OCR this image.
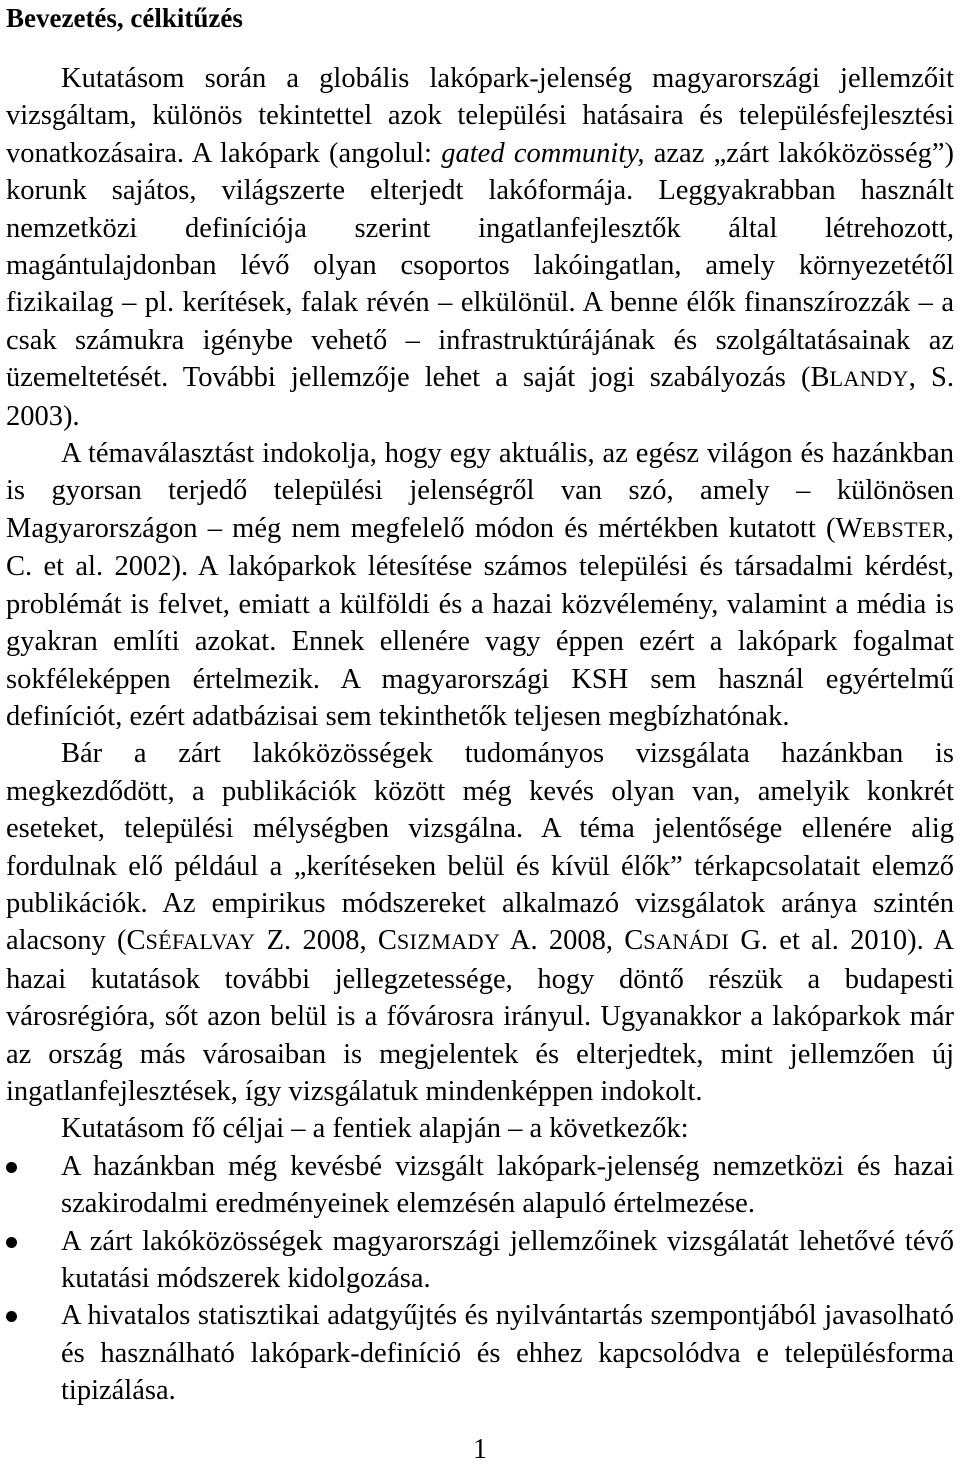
Bevezetés, célkitűzés

Kutatásom során a globális lakópark-jelenség magyarországi jellemzőit vizsgáltam, különös tekintettel azok települési hatásaira és településfejlesztési vonatkozásaira. A lakópark (angolul: gated community, azaz „zárt lakóközösség”) korunk sajátos, világszerte elterjedt lakóformája. Leggyakrabban használt nemzetközi definíciója szerint ingatlanfejlesztők által létrehozott, magántulajdonban lévő olyan csoportos lakóingatlan, amely környezetétől fizikailag – pl. kerítések, falak révén – elkülönül. A benne élők finanszírozzák – a csak számukra igénybe vehető – infrastruktúrájának és szolgáltatásainak az üzemeltetését. További jellemzője lehet a saját jogi szabályozás (BLANDY, S. 2003).

A témaválasztást indokolja, hogy egy aktuális, az egész világon és hazánkban is gyorsan terjedő települési jelenségről van szó, amely – különösen Magyarországon – még nem megfelelő módon és mértékben kutatott (WEBSTER, C. et al. 2002). A lakóparkok létesítése számos települési és társadalmi kérdést, problémát is felvet, emiatt a külföldi és a hazai közvélemény, valamint a média is gyakran említi azokat. Ennek ellenére vagy éppen ezért a lakópark fogalmat sokféleképpen értelmezik. A magyarországi KSH sem használ egyértelmű definíciót, ezért adatbázisai sem tekinthetők teljesen megbízhatónak.

Bár a zárt lakóközösségek tudományos vizsgálata hazánkban is megkezdődött, a publikációk között még kevés olyan van, amelyik konkrét eseteket, települési mélységben vizsgálna. A téma jelentősége ellenére alig fordulnak elő például a „kerítéseken belül és kívül élők” térkapcsolatait elemző publikációk. Az empirikus módszereket alkalmazó vizsgálatok aránya szintén alacsony (CSÉFALVAY Z. 2008, CSIZMADY A. 2008, CSANÁDI G. et al. 2010). A hazai kutatások további jellegzetessége, hogy döntő részük a budapesti városrégióra, sőt azon belül is a fővárosra irányul. Ugyanakkor a lakóparkok már az ország más városaiban is megjelentek és elterjedtek, mint jellemzően új ingatlanfejlesztések, így vizsgálatuk mindenképpen indokolt.

Kutatásom fő céljai – a fentiek alapján – a következők:

A hazánkban még kevésbé vizsgált lakópark-jelenség nemzetközi és hazai szakirodalmi eredményeinek elemzésén alapuló értelmezése.
A zárt lakóközösségek magyarországi jellemzőinek vizsgálatát lehetővé tévő kutatási módszerek kidolgozása.
A hivatalos statisztikai adatgyűjtés és nyilvántartás szempontjából javasolható és használható lakópark-definíció és ehhez kapcsolódva e településforma tipizálása.
1
